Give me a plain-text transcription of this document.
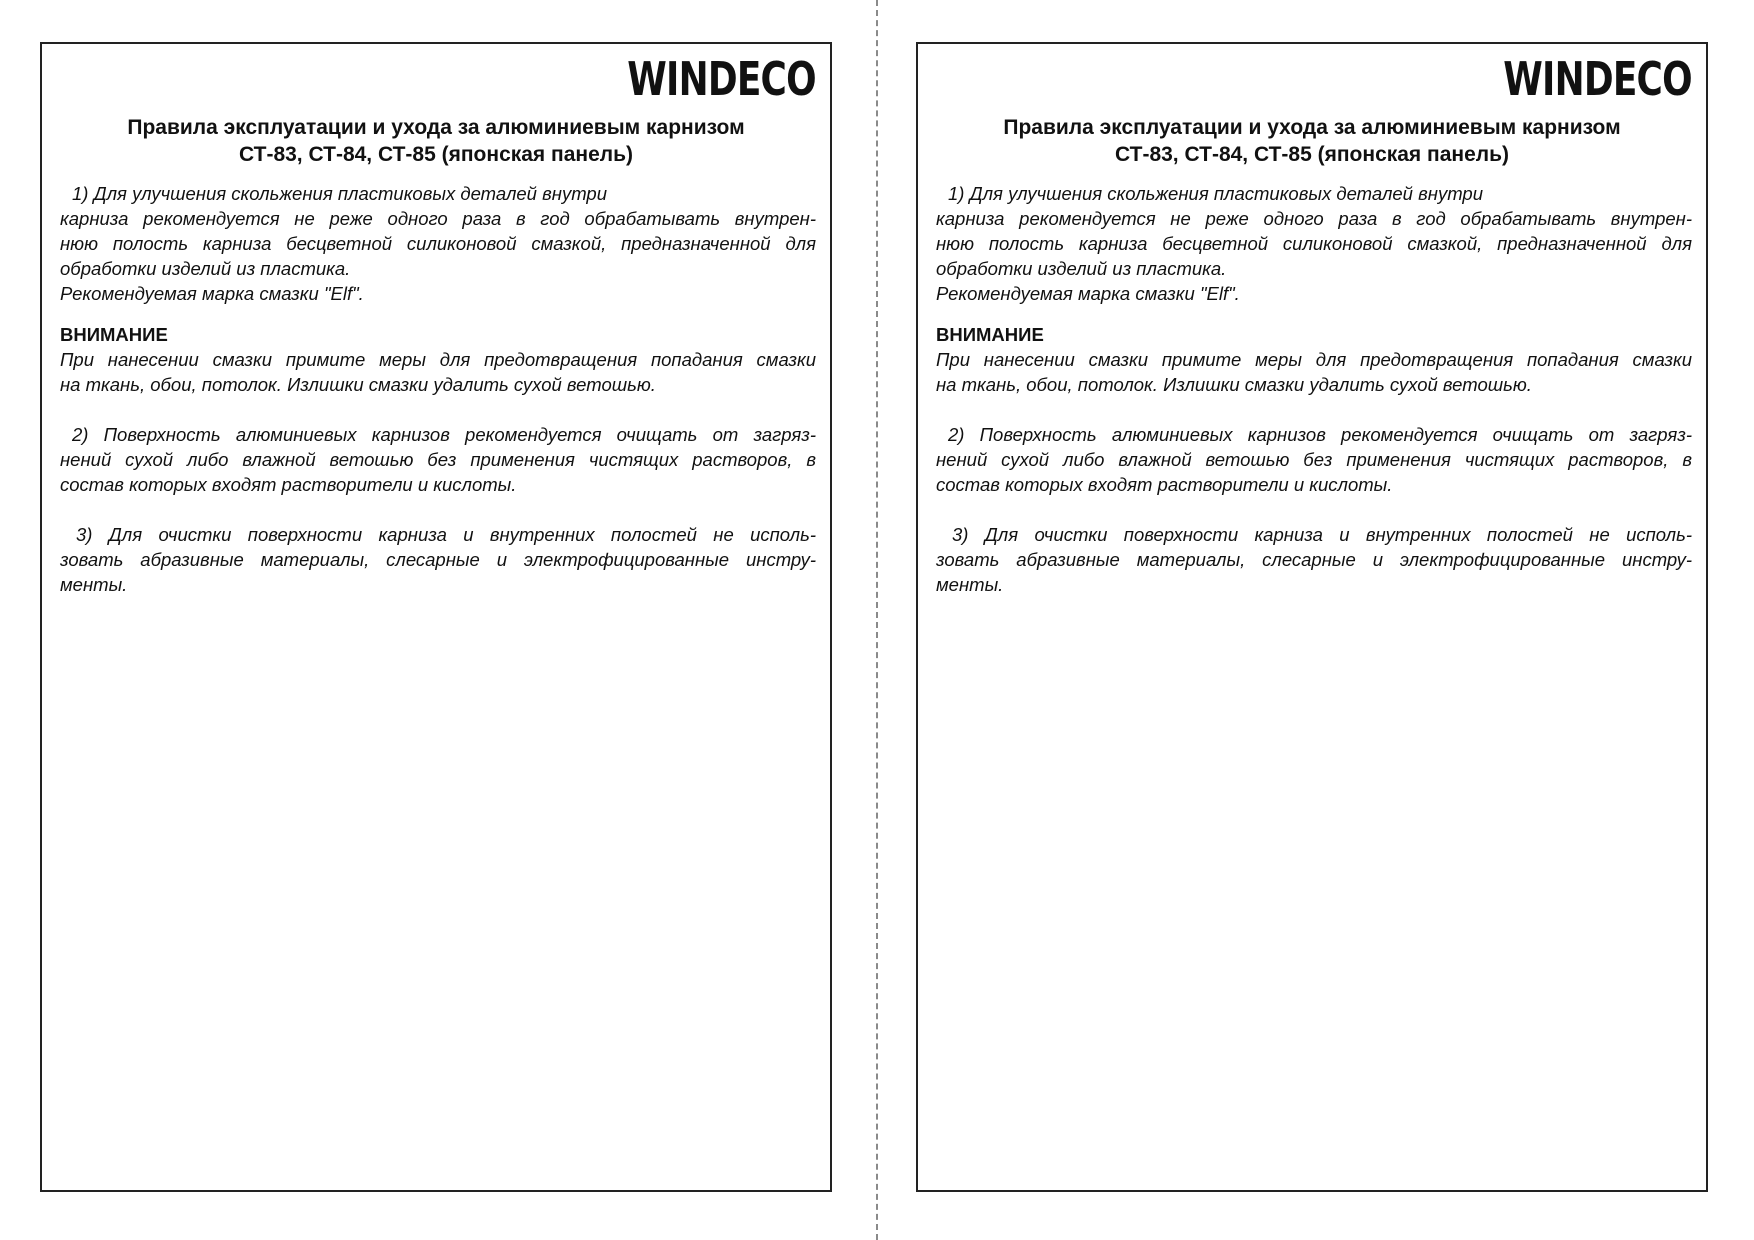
WINDECO
Правила эксплуатации и ухода за алюминиевым карнизом
СТ-83, СТ-84, СТ-85 (японская панель)
1) Для улучшения скольжения пластиковых деталей внутри
карниза рекомендуется не реже одного раза в год обрабатывать внутрен-
нюю полость карниза бесцветной силиконовой смазкой, предназначенной для
обработки изделий из пластика.
Рекомендуемая марка смазки "Elf".
ВНИМАНИЕ
При нанесении смазки примите меры для предотвращения попадания смазки
на ткань, обои, потолок. Излишки смазки удалить сухой ветошью.
2) Поверхность алюминиевых карнизов рекомендуется очищать от загряз-
нений сухой либо влажной ветошью без применения чистящих растворов, в
состав которых входят растворители и кислоты.
3) Для очистки поверхности карниза и внутренних полостей не исполь-
зовать абразивные материалы, слесарные и электрофицированные инстру-
менты.
WINDECO
Правила эксплуатации и ухода за алюминиевым карнизом
СТ-83, СТ-84, СТ-85 (японская панель)
1) Для улучшения скольжения пластиковых деталей внутри
карниза рекомендуется не реже одного раза в год обрабатывать внутрен-
нюю полость карниза бесцветной силиконовой смазкой, предназначенной для
обработки изделий из пластика.
Рекомендуемая марка смазки "Elf".
ВНИМАНИЕ
При нанесении смазки примите меры для предотвращения попадания смазки
на ткань, обои, потолок. Излишки смазки удалить сухой ветошью.
2) Поверхность алюминиевых карнизов рекомендуется очищать от загряз-
нений сухой либо влажной ветошью без применения чистящих растворов, в
состав которых входят растворители и кислоты.
3) Для очистки поверхности карниза и внутренних полостей не исполь-
зовать абразивные материалы, слесарные и электрофицированные инстру-
менты.
